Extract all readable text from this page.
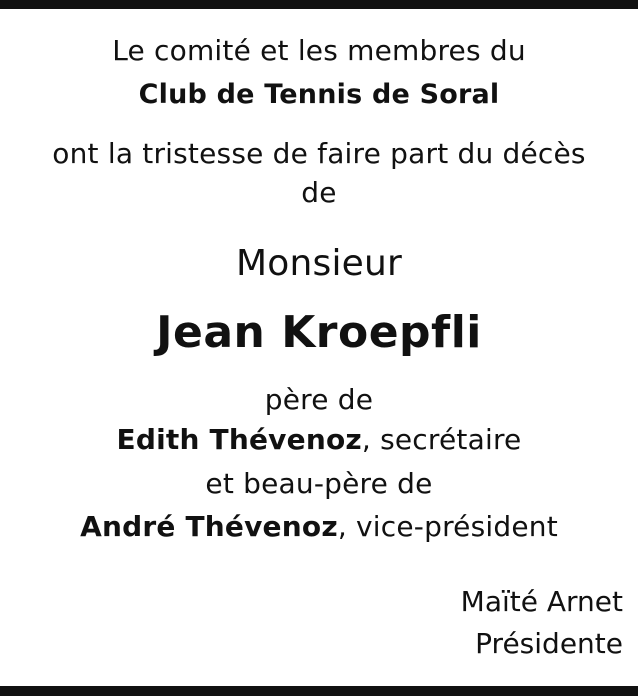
Le comité et les membres du
Club de Tennis de Soral
ont la tristesse de faire part du décès
de
Monsieur
Jean Kroepfli
père de
Edith Thévenoz, secrétaire
et beau-père de
André Thévenoz, vice-président
Maïté Arnet
Présidente
